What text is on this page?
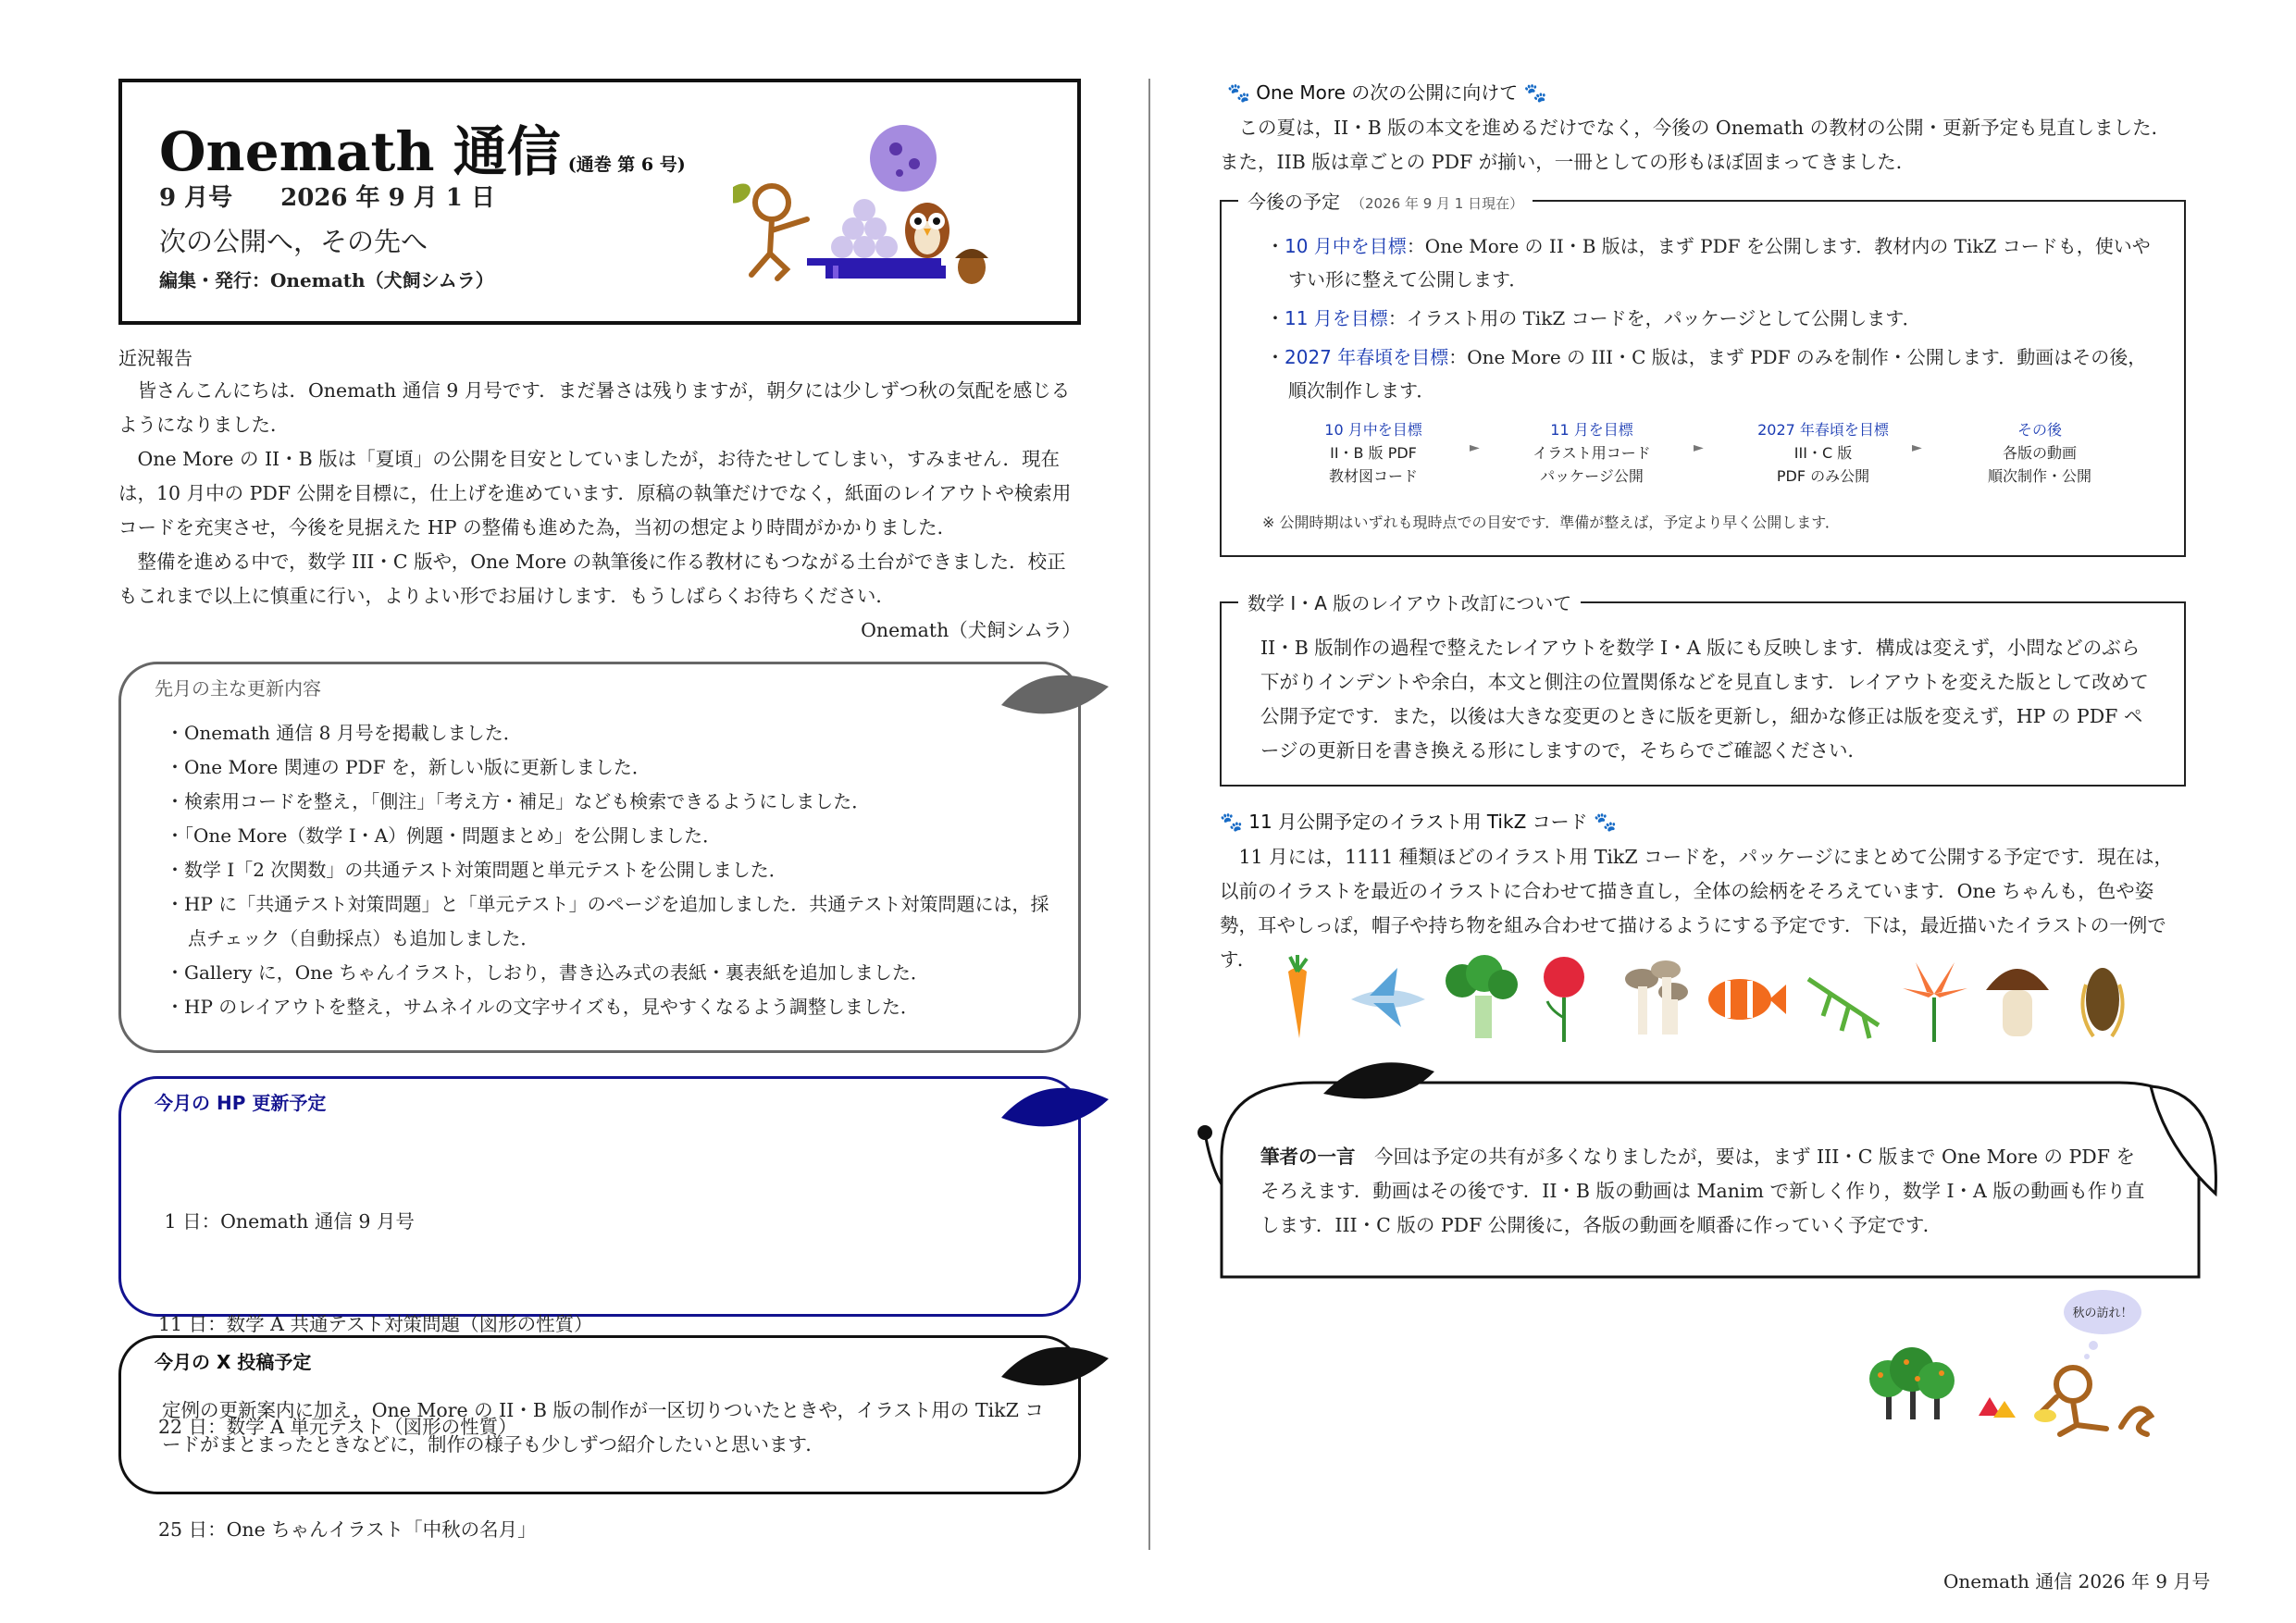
Onemath 通信 (通巻 第 6 号)
9 月号　　2026 年 9 月 1 日
次の公開へ，その先へ
編集・発行：Onemath（犬飼シムラ）
近況報告

皆さんこんにちは．Onemath 通信 9 月号です．まだ暑さは残りますが，朝夕には少しずつ秋の気配を感じるようになりました．

One More の II・B 版は「夏頃」の公開を目安としていましたが，お待たせしてしまい，すみません．現在は，10 月中の PDF 公開を目標に，仕上げを進めています．原稿の執筆だけでなく，紙面のレイアウトや検索用コードを充実させ，今後を見据えた HP の整備も進めた為，当初の想定より時間がかかりました．

整備を進める中で，数学 III・C 版や，One More の執筆後に作る教材にもつながる土台ができました．校正もこれまで以上に慎重に行い，よりよい形でお届けします．もうしばらくお待ちください．

Onemath（犬飼シムラ）
先月の主な更新内容
・ Onemath 通信 8 月号を掲載しました．
・ One More 関連の PDF を，新しい版に更新しました．
・ 検索用コードを整え，「側注」「考え方・補足」なども検索できるようにしました．
・ 「One More（数学 I・A）例題・問題まとめ」を公開しました．
・ 数学 I「2 次関数」の共通テスト対策問題と単元テストを公開しました．
・ HP に「共通テスト対策問題」と「単元テスト」のページを追加しました．共通テスト対策問題には，採点チェック（自動採点）も追加しました．
・ Gallery に，One ちゃんイラスト，しおり，書き込み式の表紙・裏表紙を追加しました．
・ HP のレイアウトを整え，サムネイルの文字サイズも，見やすくなるよう調整しました．
今月の HP 更新予定

1 日：Onemath 通信 9 月号

11 日：数学 A 共通テスト対策問題（図形の性質）

22 日：数学 A 単元テスト（図形の性質）

25 日：One ちゃんイラスト「中秋の名月」

今月の X 投稿予定

定例の更新案内に加え，One More の II・B 版の制作が一区切りついたときや，イラスト用の TikZ コードがまとまったときなどに，制作の様子も少しずつ紹介したいと思います．

🐾 One More の次の公開に向けて 🐾

この夏は，II・B 版の本文を進めるだけでなく，今後の Onemath の教材の公開・更新予定も見直しました．また，IIB 版は章ごとの PDF が揃い，一冊としての形もほぼ固まってきました．

今後の予定 （2026 年 9 月 1 日現在）
・ 10 月中を目標：One More の II・B 版は，まず PDF を公開します．教材内の TikZ コードも，使いやすい形に整えて公開します．
・ 11 月を目標：イラスト用の TikZ コードを，パッケージとして公開します．
・ 2027 年春頃を目標：One More の III・C 版は，まず PDF のみを制作・公開します．動画はその後，順次制作します．
10 月中を目標
II・B 版 PDF
教材図コード
►
11 月を目標
イラスト用コード
パッケージ公開
►
2027 年春頃を目標
III・C 版
PDF のみ公開
►
その後
各版の動画
順次制作・公開
※ 公開時期はいずれも現時点での目安です．準備が整えば，予定より早く公開します．
数学 I・A 版のレイアウト改訂について

II・B 版制作の過程で整えたレイアウトを数学 I・A 版にも反映します．構成は変えず，小問などのぶら下がりインデントや余白，本文と側注の位置関係などを見直します．レイアウトを変えた版として改めて公開予定です．また，以後は大きな変更のときに版を更新し，細かな修正は版を変えず，HP の PDF ページの更新日を書き換える形にしますので，そちらでご確認ください．

🐾 11 月公開予定のイラスト用 TikZ コード 🐾

11 月には，1111 種類ほどのイラスト用 TikZ コードを，パッケージにまとめて公開する予定です．現在は，以前のイラストを最近のイラストに合わせて描き直し，全体の絵柄をそろえています．One ちゃんも，色や姿勢，耳やしっぽ，帽子や持ち物を組み合わせて描けるようにする予定です．下は，最近描いたイラストの一例です．

筆者の一言　今回は予定の共有が多くなりましたが，要は，まず III・C 版まで One More の PDF をそろえます．動画はその後です．II・B 版の動画は Manim で新しく作り，数学 I・A 版の動画も作り直します．III・C 版の PDF 公開後に，各版の動画を順番に作っていく予定です．
秋の訪れ！
Onemath 通信 2026 年 9 月号
